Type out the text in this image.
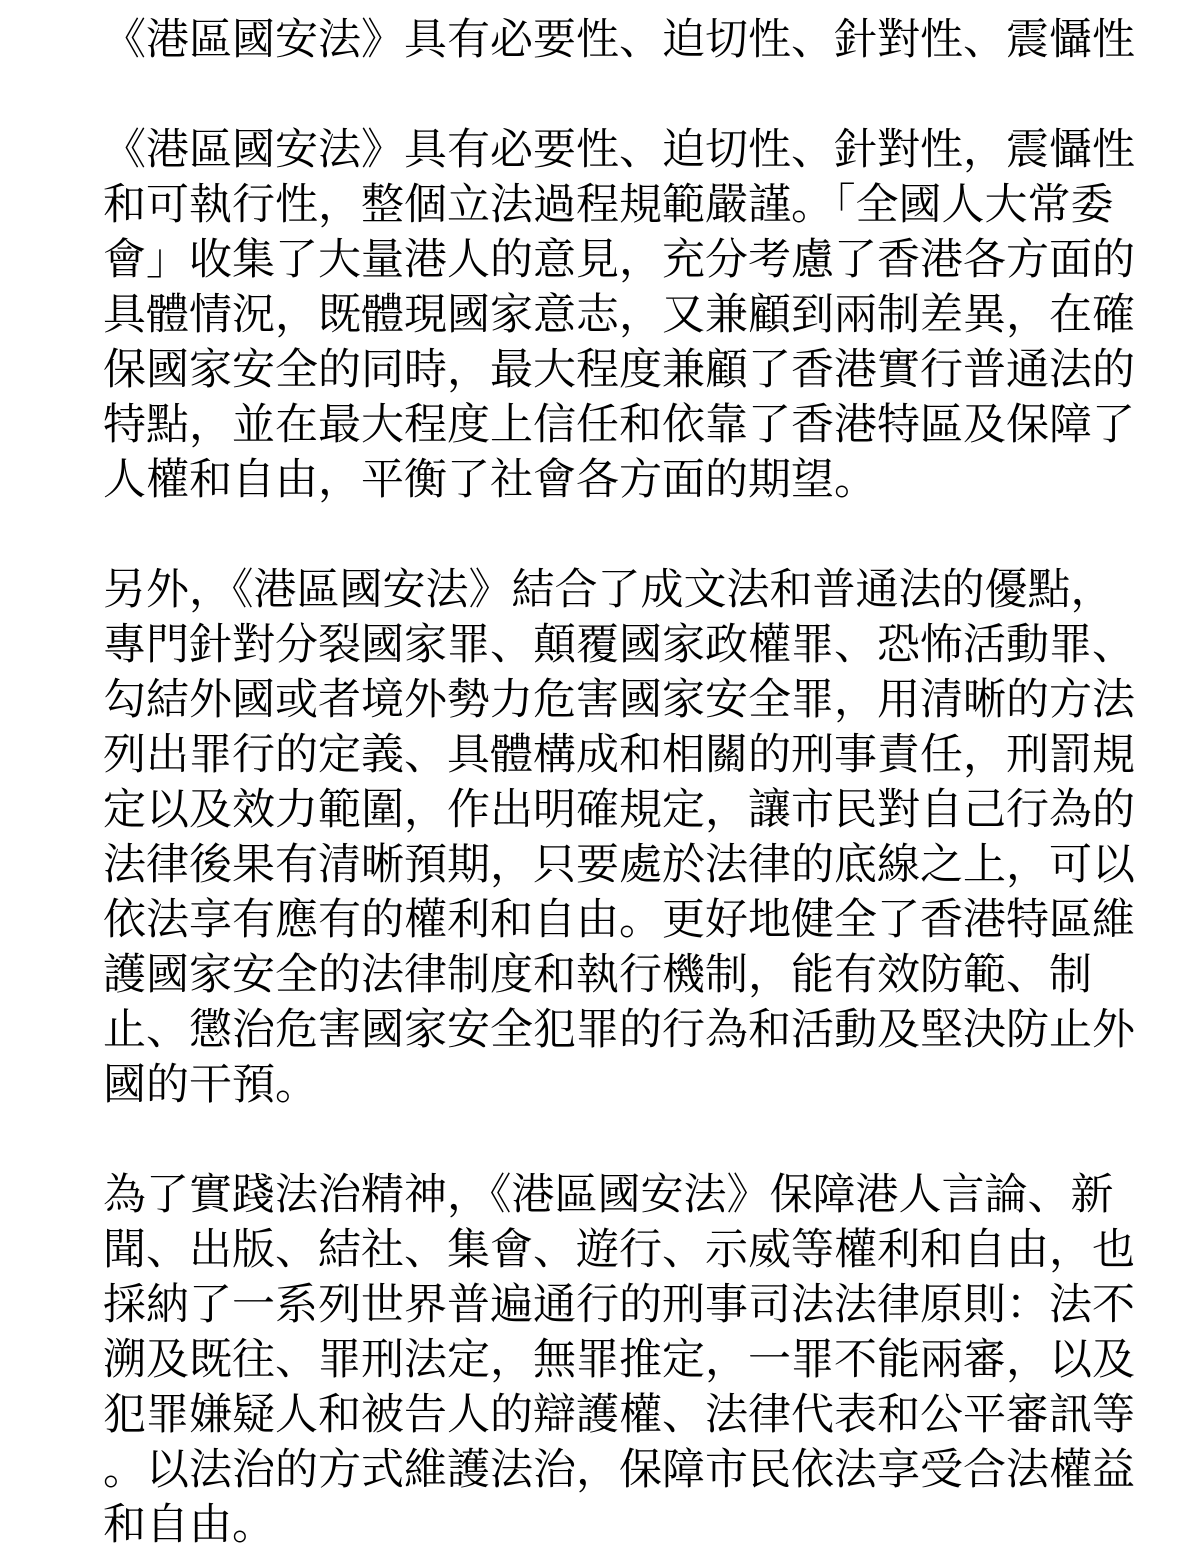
《港區國安法》具有必要性、迫切性、針對性、震懾性
《港區國安法》具有必要性、迫切性、針對性，震懾性
和可執行性，整個立法過程規範嚴謹。「全國人大常委
會」收集了大量港人的意見，充分考慮了香港各方面的
具體情況，既體現國家意志，又兼顧到兩制差異，在確
保國家安全的同時，最大程度兼顧了香港實行普通法的
特點，並在最大程度上信任和依靠了香港特區及保障了
人權和自由，平衡了社會各方面的期望。
另外，《港區國安法》結合了成文法和普通法的優點，
專門針對分裂國家罪、顛覆國家政權罪、恐怖活動罪、
勾結外國或者境外勢力危害國家安全罪，用清晰的方法
列出罪行的定義、具體構成和相關的刑事責任，刑罰規
定以及效力範圍，作出明確規定，讓市民對自己行為的
法律後果有清晰預期，只要處於法律的底線之上，可以
依法享有應有的權利和自由。更好地健全了香港特區維
護國家安全的法律制度和執行機制，能有效防範、制
止、懲治危害國家安全犯罪的行為和活動及堅決防止外
國的干預。
為了實踐法治精神，《港區國安法》保障港人言論、新
聞、出版、結社、集會、遊行、示威等權利和自由，也
採納了一系列世界普遍通行的刑事司法法律原則：法不
溯及既往、罪刑法定，無罪推定，一罪不能兩審，以及
犯罪嫌疑人和被告人的辯護權、法律代表和公平審訊等
。以法治的方式維護法治，保障市民依法享受合法權益
和自由。
